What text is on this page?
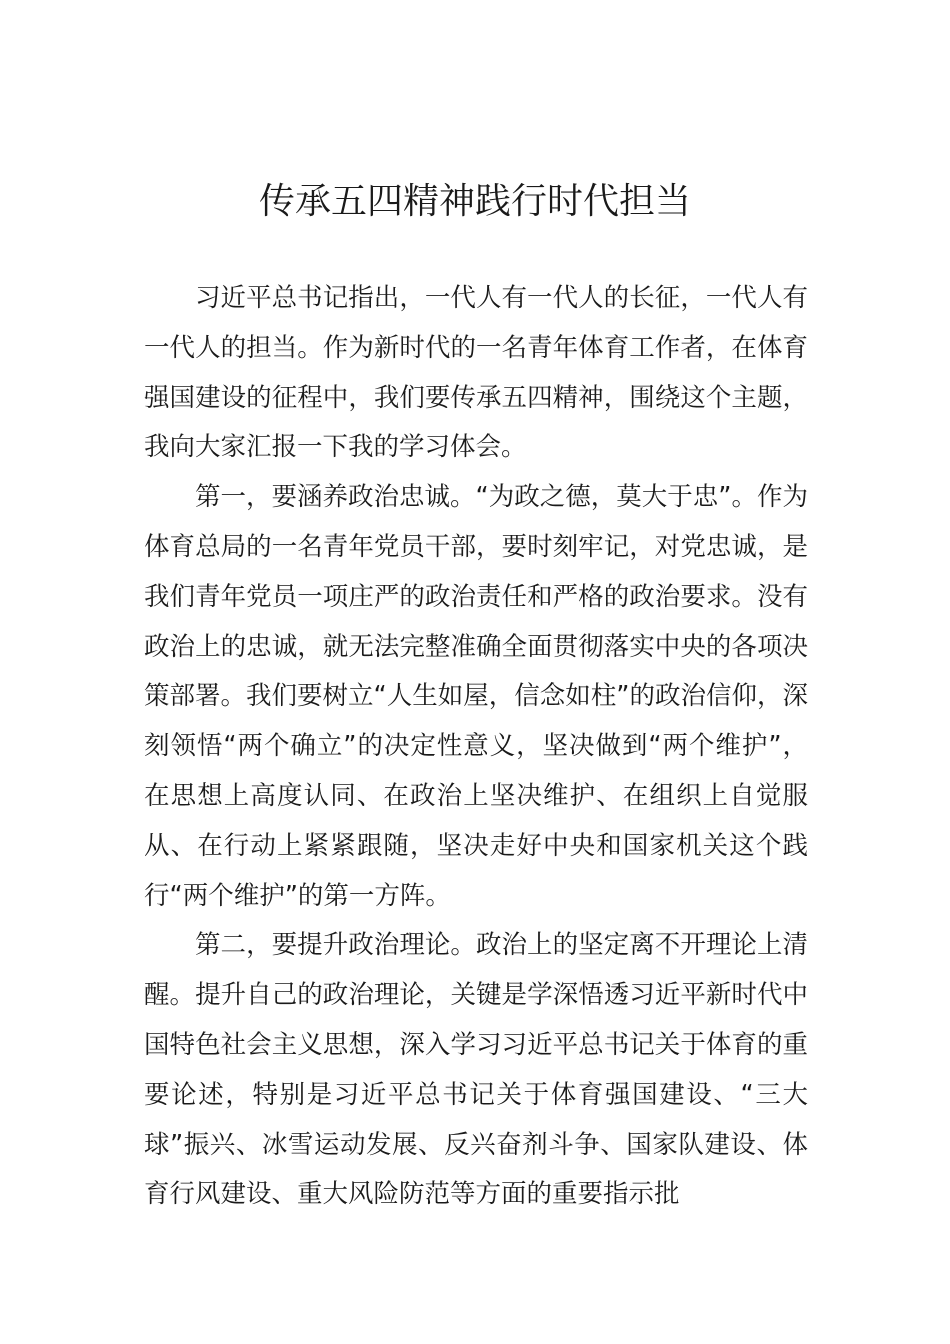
传承五四精神践行时代担当

习近平总书记指出，一代人有一代人的长征，一代人有一代人的担当。作为新时代的一名青年体育工作者，在体育强国建设的征程中，我们要传承五四精神，围绕这个主题，我向大家汇报一下我的学习体会。

第一，要涵养政治忠诚。“为政之德，莫大于忠”。作为体育总局的一名青年党员干部，要时刻牢记，对党忠诚，是我们青年党员一项庄严的政治责任和严格的政治要求。没有政治上的忠诚，就无法完整准确全面贯彻落实中央的各项决策部署。我们要树立“人生如屋，信念如柱”的政治信仰，深刻领悟“两个确立”的决定性意义，坚决做到“两个维护”，在思想上高度认同、在政治上坚决维护、在组织上自觉服从、在行动上紧紧跟随，坚决走好中央和国家机关这个践行“两个维护”的第一方阵。

第二，要提升政治理论。政治上的坚定离不开理论上清醒。提升自己的政治理论，关键是学深悟透习近平新时代中国特色社会主义思想，深入学习习近平总书记关于体育的重要论述，特别是习近平总书记关于体育强国建设、“三大球”振兴、冰雪运动发展、反兴奋剂斗争、国家队建设、体育行风建设、重大风险防范等方面的重要指示批
